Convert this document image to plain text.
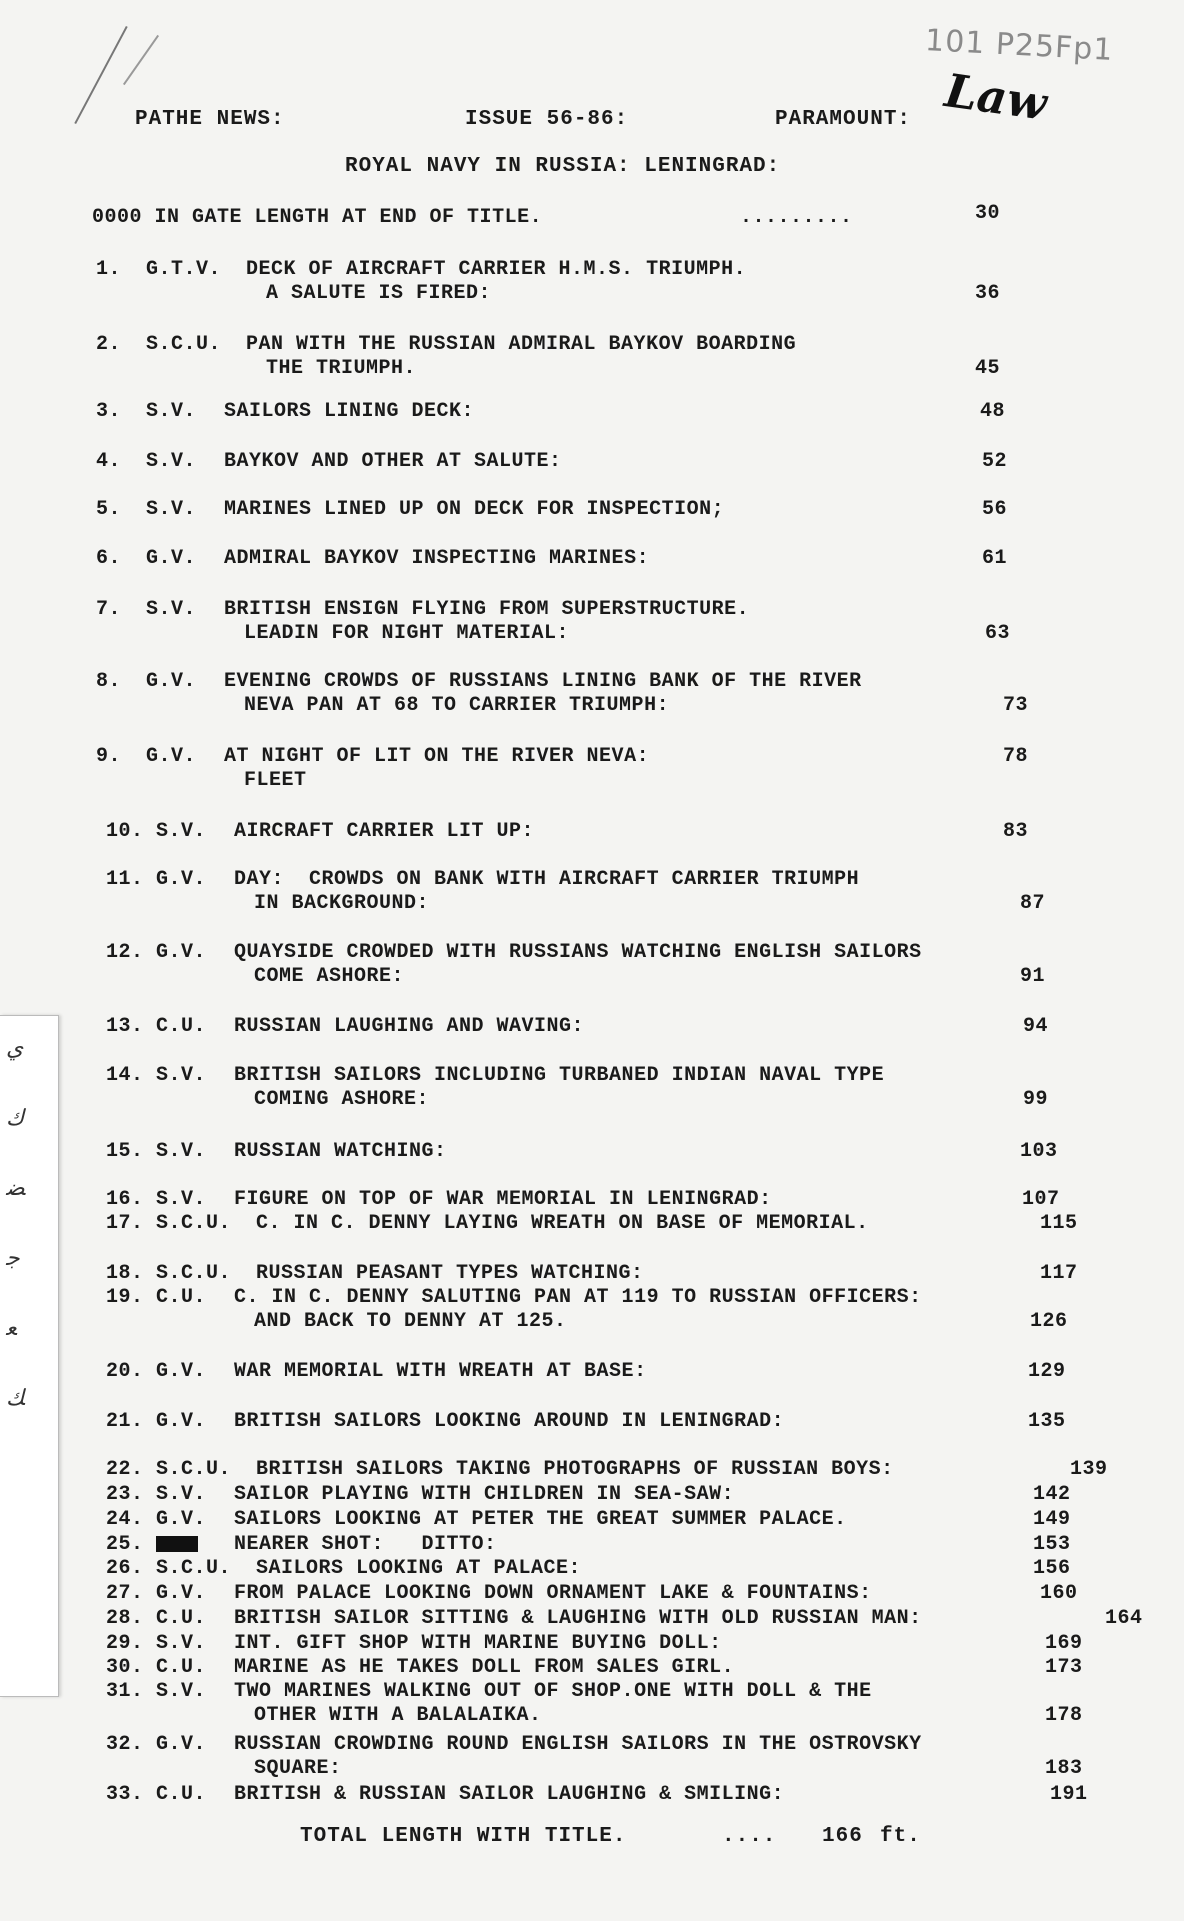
101 P25Fp1
Law
ﻱ
ﻙ
ﻀ
ﺟ
ﻌ
ﻚ
PATHE NEWS:	ISSUE 56-86:	PARAMOUNT:
ROYAL NAVY IN RUSSIA: LENINGRAD:
0000 IN GATE LENGTH AT END OF TITLE.	.........	30
1. G.T.V. DECK OF AIRCRAFT CARRIER H.M.S. TRIUMPH.
A SALUTE IS FIRED:	36
2. S.C.U. PAN WITH THE RUSSIAN ADMIRAL BAYKOV BOARDING
THE TRIUMPH.	45
3. S.V. SAILORS LINING DECK:	48
4. S.V. BAYKOV AND OTHER AT SALUTE:	52
5. S.V. MARINES LINED UP ON DECK FOR INSPECTION;	56
6. G.V. ADMIRAL BAYKOV INSPECTING MARINES:	61
7. S.V. BRITISH ENSIGN FLYING FROM SUPERSTRUCTURE.
LEADIN FOR NIGHT MATERIAL:	63
8. G.V. EVENING CROWDS OF RUSSIANS LINING BANK OF THE RIVER
NEVA PAN AT 68 TO CARRIER TRIUMPH:	73
9. G.V. AT NIGHT OF LIT ON THE RIVER NEVA:
FLEET
78
10. S.V. AIRCRAFT CARRIER LIT UP:	83
11. G.V. DAY:  CROWDS ON BANK WITH AIRCRAFT CARRIER TRIUMPH
IN BACKGROUND:	87
12. G.V. QUAYSIDE CROWDED WITH RUSSIANS WATCHING ENGLISH SAILORS
COME ASHORE:	91
13. C.U. RUSSIAN LAUGHING AND WAVING:	94
14. S.V. BRITISH SAILORS INCLUDING TURBANED INDIAN NAVAL TYPE
COMING ASHORE:	99
15. S.V. RUSSIAN WATCHING:	103
16. S.V. FIGURE ON TOP OF WAR MEMORIAL IN LENINGRAD:	107
17. S.C.U. C. IN C. DENNY LAYING WREATH ON BASE OF MEMORIAL.	115
18. S.C.U. RUSSIAN PEASANT TYPES WATCHING:	117
19. C.U. C. IN C. DENNY SALUTING PAN AT 119 TO RUSSIAN OFFICERS:
AND BACK TO DENNY AT 125.	126
20. G.V. WAR MEMORIAL WITH WREATH AT BASE:	129
21. G.V. BRITISH SAILORS LOOKING AROUND IN LENINGRAD:	135
22. S.C.U. BRITISH SAILORS TAKING PHOTOGRAPHS OF RUSSIAN BOYS:	139
23. S.V. SAILOR PLAYING WITH CHILDREN IN SEA-SAW:	142
24. G.V. SAILORS LOOKING AT PETER THE GREAT SUMMER PALACE.	149
25.	NEARER SHOT:   DITTO:	153
26. S.C.U. SAILORS LOOKING AT PALACE:	156
27. G.V. FROM PALACE LOOKING DOWN ORNAMENT LAKE & FOUNTAINS:	160
28. C.U. BRITISH SAILOR SITTING & LAUGHING WITH OLD RUSSIAN MAN:	164
29. S.V. INT. GIFT SHOP WITH MARINE BUYING DOLL:	169
30. C.U. MARINE AS HE TAKES DOLL FROM SALES GIRL.	173
31. S.V. TWO MARINES WALKING OUT OF SHOP.ONE WITH DOLL & THE
OTHER WITH A BALALAIKA.	178
32. G.V. RUSSIAN CROWDING ROUND ENGLISH SAILORS IN THE OSTROVSKY
SQUARE:	183
33. C.U. BRITISH & RUSSIAN SAILOR LAUGHING & SMILING:	191
TOTAL LENGTH WITH TITLE.	.... 166 ft.
